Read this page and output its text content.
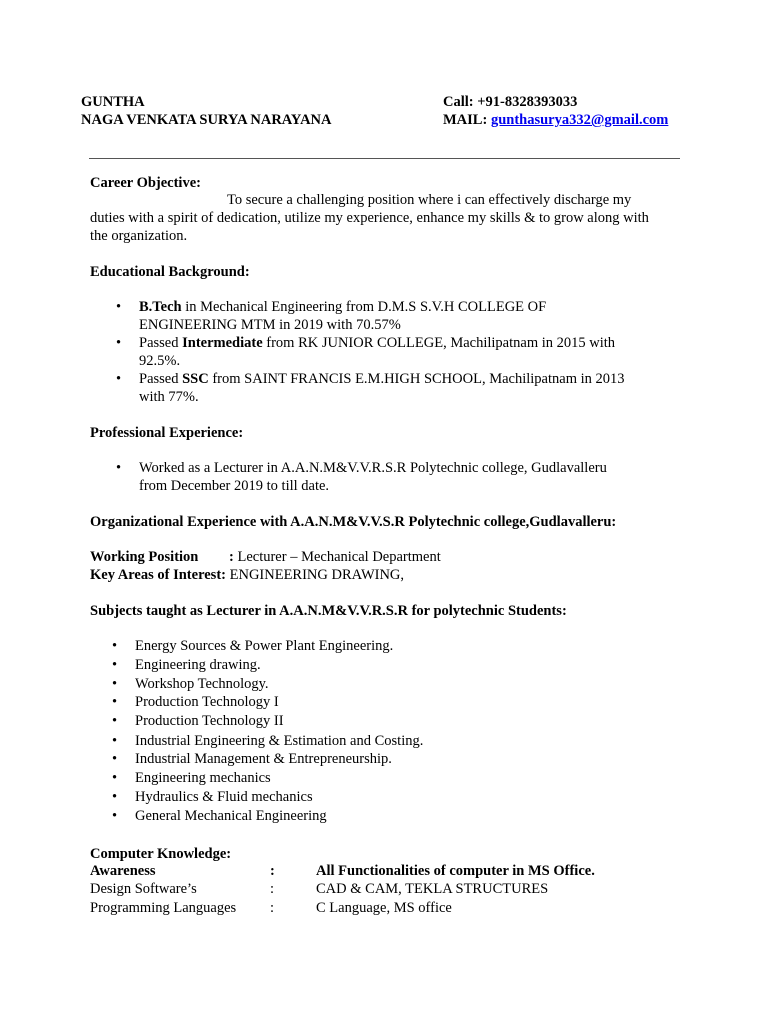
GUNTHA
NAGA VENKATA SURYA NARAYANA
Call: +91-8328393033
MAIL: gunthasurya332@gmail.com
Career Objective:
To secure a challenging position where i can effectively discharge my
duties with a spirit of dedication, utilize my experience, enhance my skills & to grow along with
the organization.
Educational Background:
• B.Tech in Mechanical Engineering from D.M.S S.V.H COLLEGE OF
ENGINEERING MTM in 2019 with 70.57%
• Passed Intermediate from RK JUNIOR COLLEGE, Machilipatnam in 2015 with
92.5%.
• Passed SSC from SAINT FRANCIS E.M.HIGH SCHOOL, Machilipatnam in 2013
with 77%.
Professional Experience:
• Worked as a Lecturer in A.A.N.M&V.V.R.S.R Polytechnic college, Gudlavalleru
from December 2019 to till date.
Organizational Experience with A.A.N.M&V.V.S.R Polytechnic college,Gudlavalleru:
Working Position : Lecturer – Mechanical Department
Key Areas of Interest: ENGINEERING DRAWING,
Subjects taught as Lecturer in A.A.N.M&V.V.R.S.R for polytechnic Students:
• Energy Sources & Power Plant Engineering.
• Engineering drawing.
• Workshop Technology.
• Production Technology I
• Production Technology II
• Industrial Engineering & Estimation and Costing.
• Industrial Management & Entrepreneurship.
• Engineering mechanics
• Hydraulics & Fluid mechanics
• General Mechanical Engineering
Computer Knowledge:
Awareness	:	All Functionalities of computer in MS Office.
Design Software’s	:	CAD & CAM, TEKLA STRUCTURES
Programming Languages :	C Language, MS office
